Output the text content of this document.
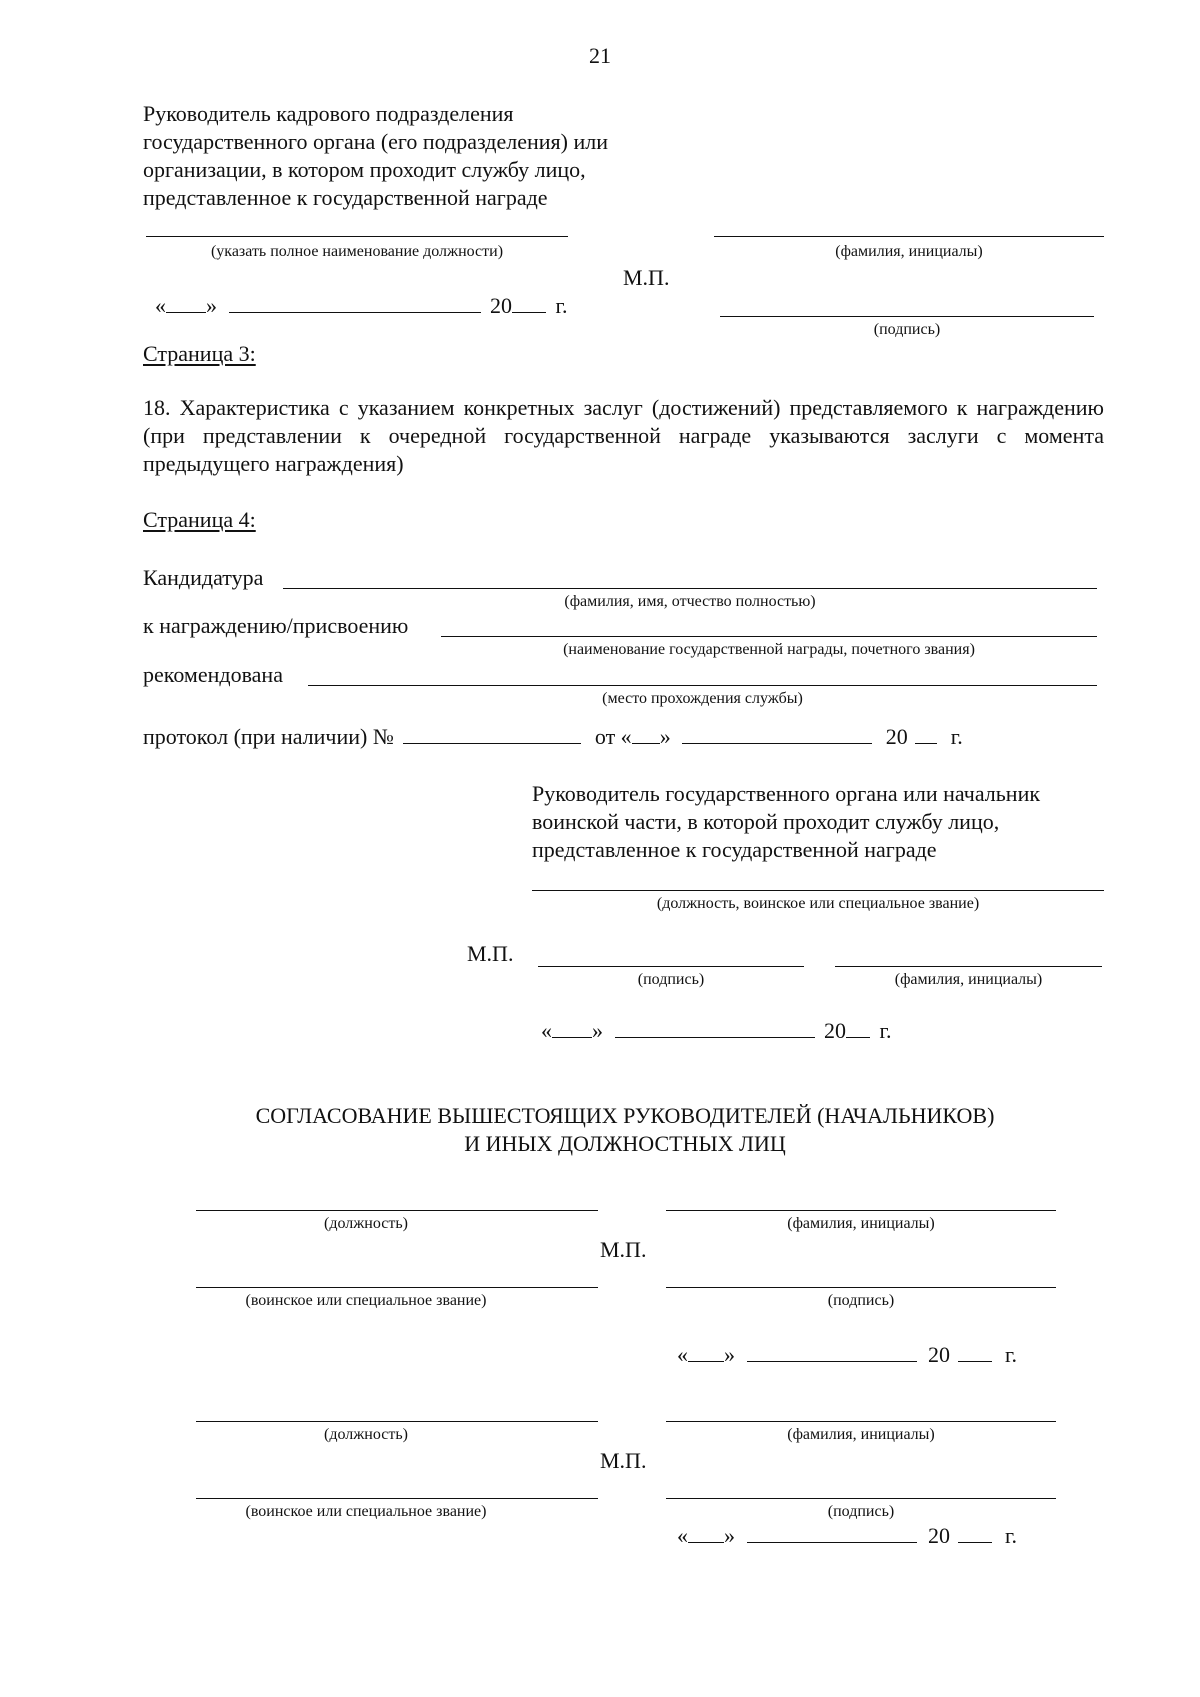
21
Руководитель кадрового подразделения
государственного органа (его подразделения) или
организации, в котором проходит службу лицо,
представленное к государственной награде
(указать полное наименование должности)	(фамилия, инициалы)
М.П.
« »	20 г.
(подпись)
Страница 3:
18. Характеристика с указанием конкретных заслуг (достижений) представляемого к награждению (при представлении к очередной государственной награде указываются заслуги с момента предыдущего награждения)
Страница 4:
Кандидатура
(фамилия, имя, отчество полностью)
к награждению/присвоению
(наименование государственной награды, почетного звания)
рекомендована
(место прохождения службы)
протокол (при наличии) №	от « »	20 г.
Руководитель государственного органа или начальник
воинской части, в которой проходит службу лицо,
представленное к государственной награде
(должность, воинское или специальное звание)
М.П.
(подпись)	(фамилия, инициалы)
« »	20 г.
СОГЛАСОВАНИЕ ВЫШЕСТОЯЩИХ РУКОВОДИТЕЛЕЙ (НАЧАЛЬНИКОВ)
И ИНЫХ ДОЛЖНОСТНЫХ ЛИЦ
(должность)	(фамилия, инициалы)
М.П.
(воинское или специальное звание)	(подпись)
« »	20	г.
(должность)	(фамилия, инициалы)
М.П.
(воинское или специальное звание)	(подпись)
« »	20	г.
